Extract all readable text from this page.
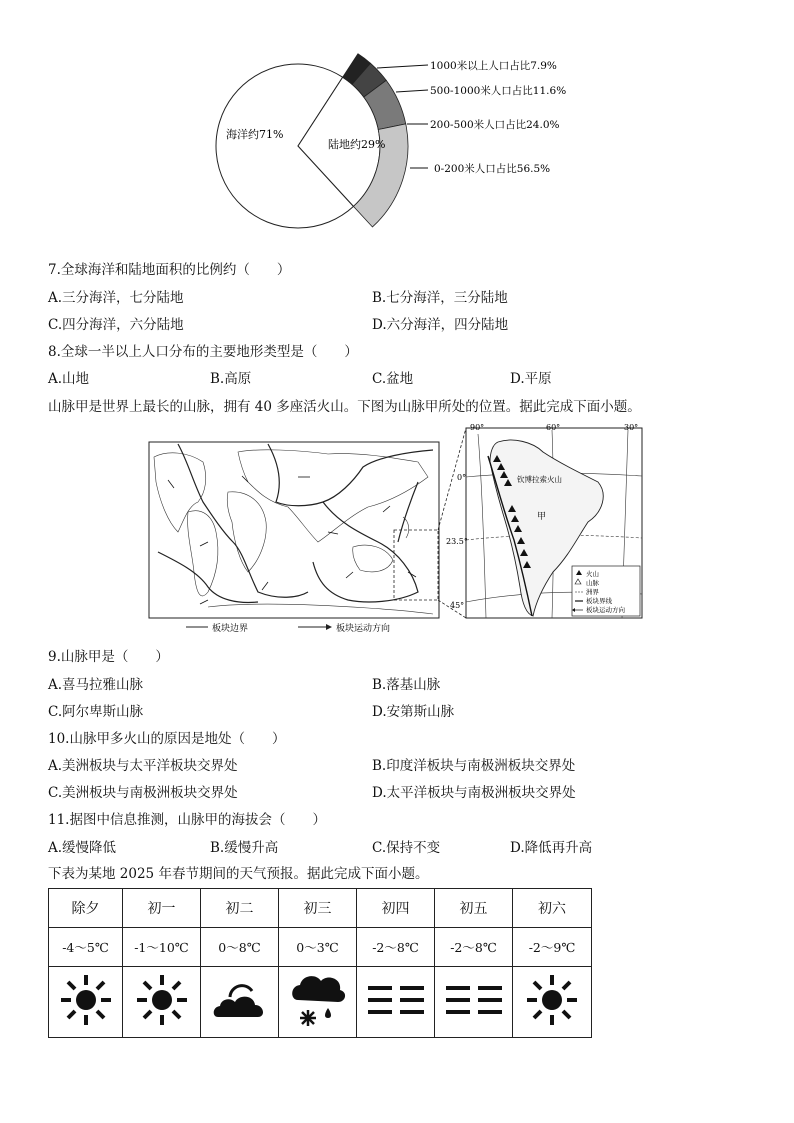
海洋约71%
陆地约29%
1000米以上人口占比7.9%
500-1000米人口占比11.6%
200-500米人口占比24.0%
0-200米人口占比56.5%
7.全球海洋和陆地面积的比例约（　　）
A.三分海洋，七分陆地	B.七分海洋，三分陆地
C.四分海洋，六分陆地	D.六分海洋，四分陆地
8.全球一半以上人口分布的主要地形类型是（　　）
A.山地	B.高原	C.盆地	D.平原
山脉甲是世界上最长的山脉，拥有 40 多座活火山。下图为山脉甲所处的位置。据此完成下面小题。
板块边界	板块运动方向
90°	60°	30°
0°
23.5°
45°
钦博拉索火山
甲
火山
山脉
洲界
板块界线
板块运动方向
9.山脉甲是（　　）
A.喜马拉雅山脉	B.落基山脉
C.阿尔卑斯山脉	D.安第斯山脉
10.山脉甲多火山的原因是地处（　　）
A.美洲板块与太平洋板块交界处	B.印度洋板块与南极洲板块交界处
C.美洲板块与南极洲板块交界处	D.太平洋板块与南极洲板块交界处
11.据图中信息推测，山脉甲的海拔会（　　）
A.缓慢降低	B.缓慢升高	C.保持不变	D.降低再升高
下表为某地 2025 年春节期间的天气预报。据此完成下面小题。
除夕	初一	初二	初三	初四	初五	初六
-4～5℃	-1～10℃	0～8℃	0～3℃	-2～8℃	-2～8℃	-2～9℃
